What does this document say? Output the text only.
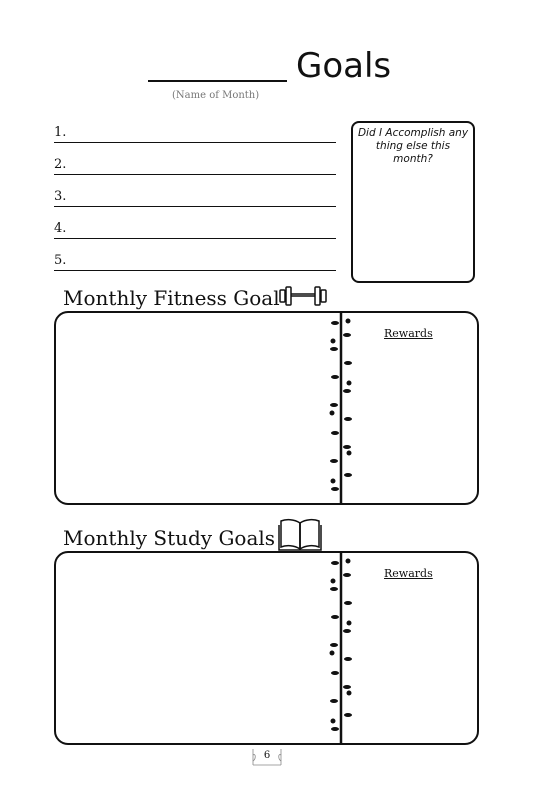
Goals
(Name of Month)
1.
2.
3.
4.
5.
Did I Accomplish any thing else this month?
Monthly Fitness Goal
Rewards
Monthly Study Goals
Rewards
6
